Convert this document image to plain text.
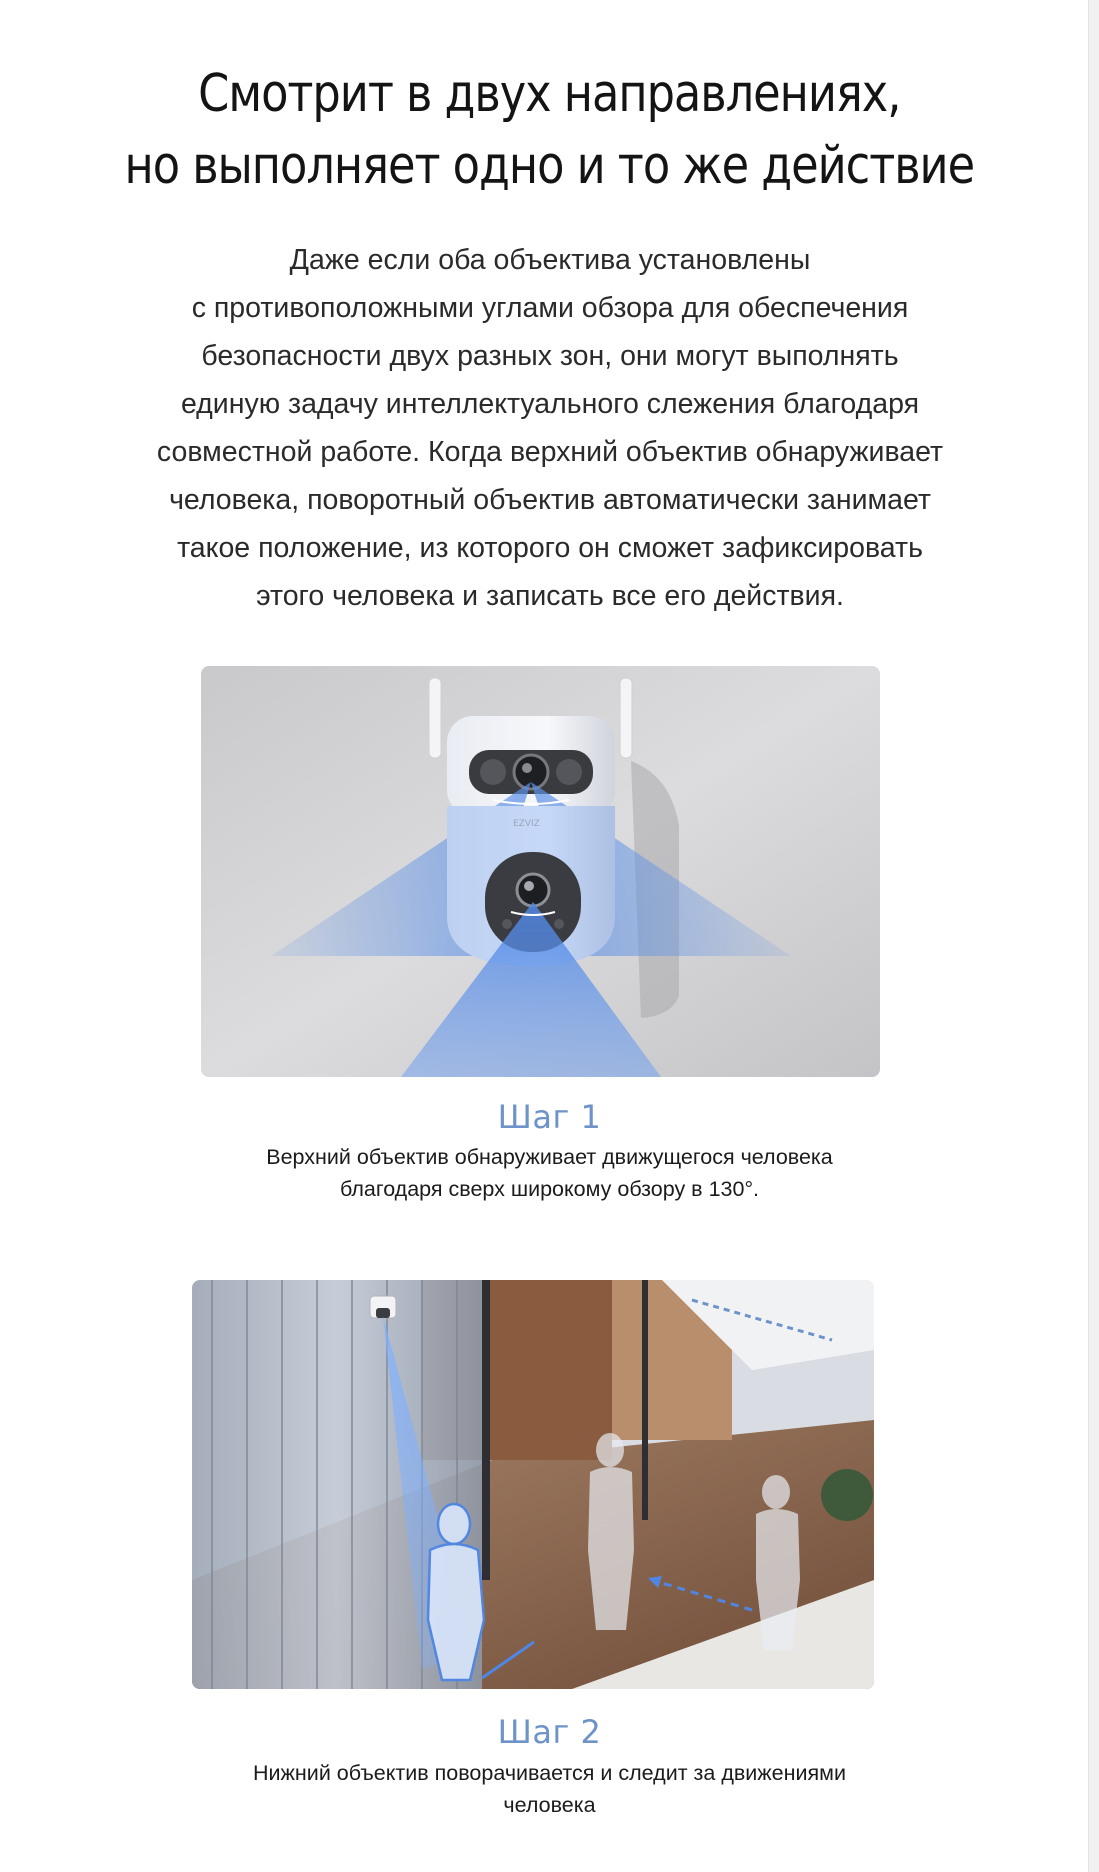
Смотрит в двух направлениях,
но выполняет одно и то же действие
Даже если оба объектива установлены
с противоположными углами обзора для обеспечения
безопасности двух разных зон, они могут выполнять
единую задачу интеллектуального слежения благодаря
совместной работе. Когда верхний объектив обнаруживает
человека, поворотный объектив автоматически занимает
такое положение, из которого он сможет зафиксировать
этого человека и записать все его действия.
EZVIZ
Шаг 1
Верхний объектив обнаруживает движущегося человека
благодаря сверх широкому обзору в 130°.
Шаг 2
Нижний объектив поворачивается и следит за движениями
человека
